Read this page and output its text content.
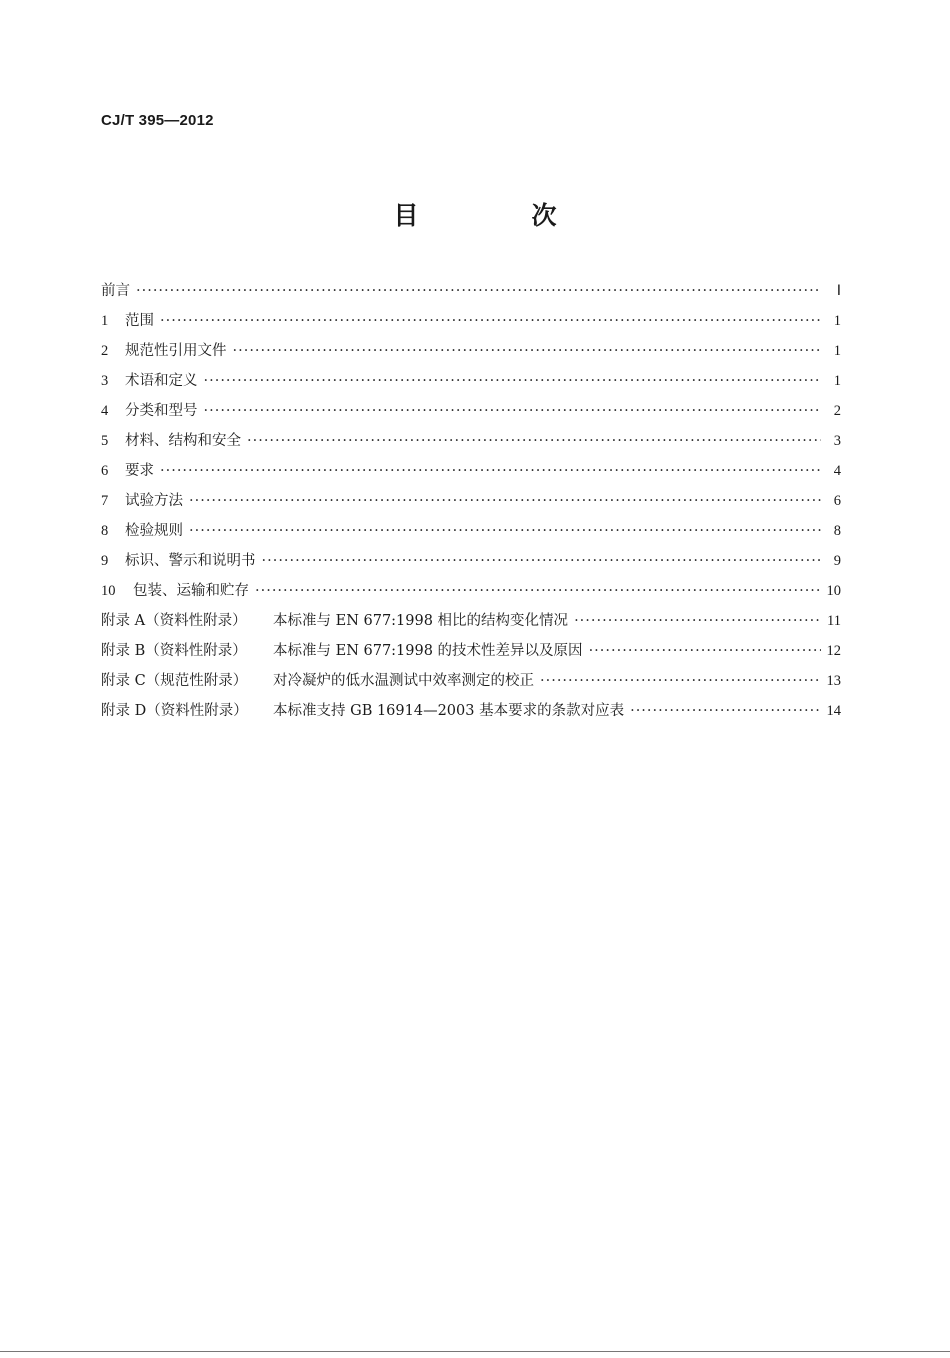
CJ/T 395—2012
目　次
前言 ·····	Ⅰ
1	范围 ·····	1
2	规范性引用文件 ·····	1
3	术语和定义 ·····	1
4	分类和型号 ·····	2
5	材料、结构和安全 ·····	3
6	要求 ·····	4
7	试验方法 ·····	6
8	检验规则 ·····	8
9	标识、警示和说明书 ·····	9
10	包装、运输和贮存 ·····	10
附录 A（资料性附录）	本标准与 EN 677:1998 相比的结构变化情况 ·····	11
附录 B（资料性附录）	本标准与 EN 677:1998 的技术性差异以及原因 ·····	12
附录 C（规范性附录）	对冷凝炉的低水温测试中效率测定的校正 ·····	13
附录 D（资料性附录）	本标准支持 GB 16914—2003 基本要求的条款对应表 ·····	14
